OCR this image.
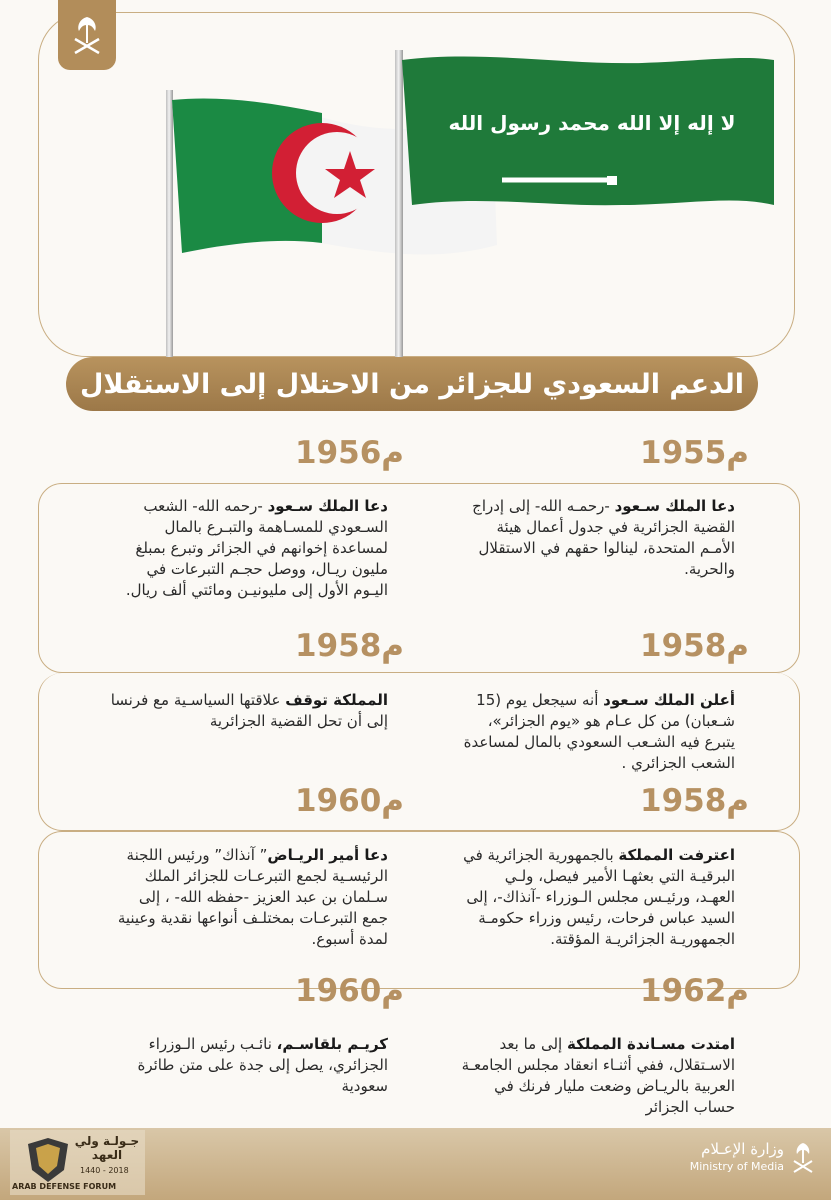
لا إله إلا الله محمد رسول الله
الدعم السعودي للجزائر من الاحتلال إلى الاستقلال
1955م
1956م
1958م
1958م
1958م
1960م
1962م
1960م
دعا الملك سـعود -رحمـه الله- إلى إدراج القضية الجزائرية في جدول أعمال هيئة الأمـم المتحدة، لينالوا حقهم في الاستقلال والحرية.
دعا الملك سـعود -رحمه الله- الشعب السـعودي للمسـاهمة والتبـرع بالمال لمساعدة إخوانهم في الجزائر وتبرع بمبلغ مليون ريـال، ووصل حجـم التبرعات في اليـوم الأول إلى مليونيـن ومائتي ألف ريال.
أعلن الملك سـعود أنه سيجعل يوم (15 شـعبان) من كل عـام هو «يوم الجزائر»، يتبرع فيه الشـعب السعودي بالمال لمساعدة الشعب الجزائري .
المملكة توقف علاقتها السياسـية مع فرنسا إلى أن تحل القضية الجزائرية
اعترفت المملكة بالجمهورية الجزائرية في البرقيـة التي بعثهـا الأمير فيصل، ولـي العهـد، ورئيـس مجلس الـوزراء -آنذاك-، إلى السيد عباس فرحات، رئيس وزراء حكومـة الجمهوريـة الجزائريـة المؤقتة.
دعا أمير الريـاض” آنذاك” ورئيس اللجنة الرئيسـية لجمع التبرعـات للجزائر الملك سـلمان بن عبد العزيز -حفظه الله- ، إلى جمع التبرعـات بمختلـف أنواعها نقدية وعينية لمدة أسبوع.
امتدت مسـاندة المملكة إلى ما بعد الاسـتقلال، ففي أثنـاء انعقاد مجلس الجامعـة العربية بالريـاض وضعت مليار فرنك في حساب الجزائر
كريـم بلقاسـم، نائـب رئيس الـوزراء الجزائري، يصل إلى جدة على متن طائرة سعودية
وزارة الإعـلام
Ministry of Media
جـولـة ولي العهد
1440 - 2018
ARAB DEFENSE FORUM
